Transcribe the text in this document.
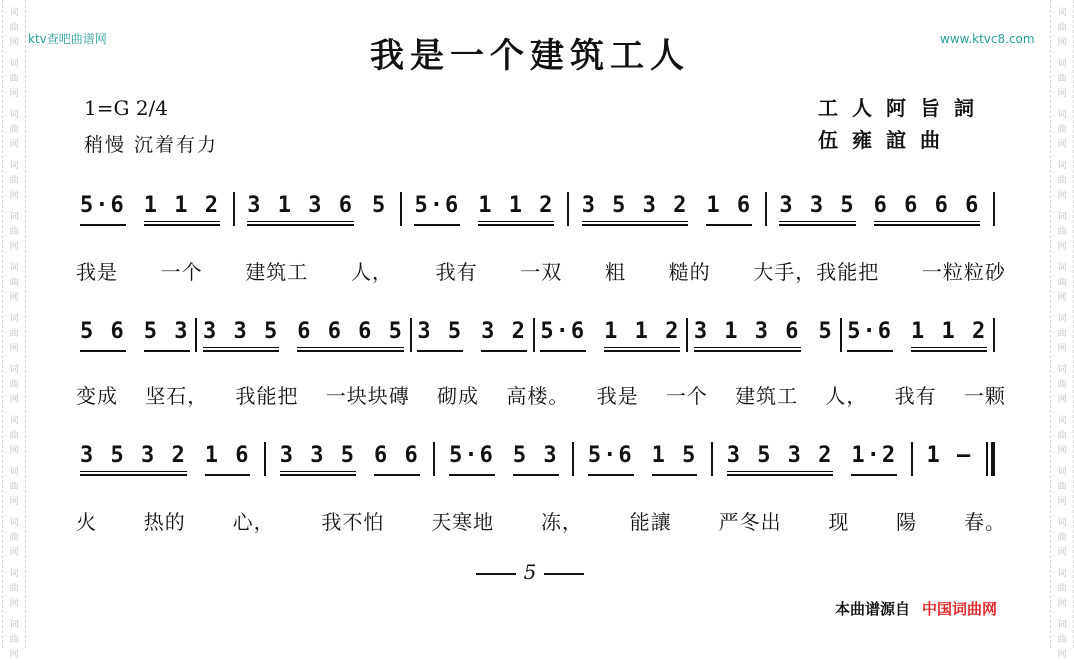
词
曲
网
词
曲
网
词
曲
网
词
曲
网
词
曲
网
词
曲
网
词
曲
网
词
曲
网
词
曲
网
词
曲
网
词
曲
网
词
曲
网
词
曲
网
词
曲
网
词
曲
网
词
曲
网
词
曲
网
词
曲
网
词
曲
网
词
曲
网
词
曲
网
词
曲
网
词
曲
网
词
曲
网
词
曲
网
词
曲
网
ktv查吧曲谱网	www.ktvc8.com
我是一个建筑工人
1=G 2/4
稍慢 沉着有力
工人阿旨詞
伍雍誼曲
5·6 1 1 2 3 1 3 6 5 5·6 1 1 2 3 5 3 2 1 6 3 3 5 6 6 6 6
我是 一个 建筑工 人， 我有 一双 粗 糙的 大手，我能把 一粒粒砂
5 6 5 3 3 3 5 6 6 6 5 3 5 3 2 5·6 1 1 2 3 1 3 6 5 5·6 1 1 2
变成 坚石， 我能把 一块块磚 砌成 高楼。 我是 一个 建筑工 人， 我有 一颗
3 5 3 2 1 6 3 3 5 6 6 5·6 5 3 5·6 1 5 3 5 3 2 1·2 1 —
火 热的 心， 我不怕 天寒地 冻， 能讓 严冬出 现 陽 春。
5
本曲谱源自 中国词曲网
